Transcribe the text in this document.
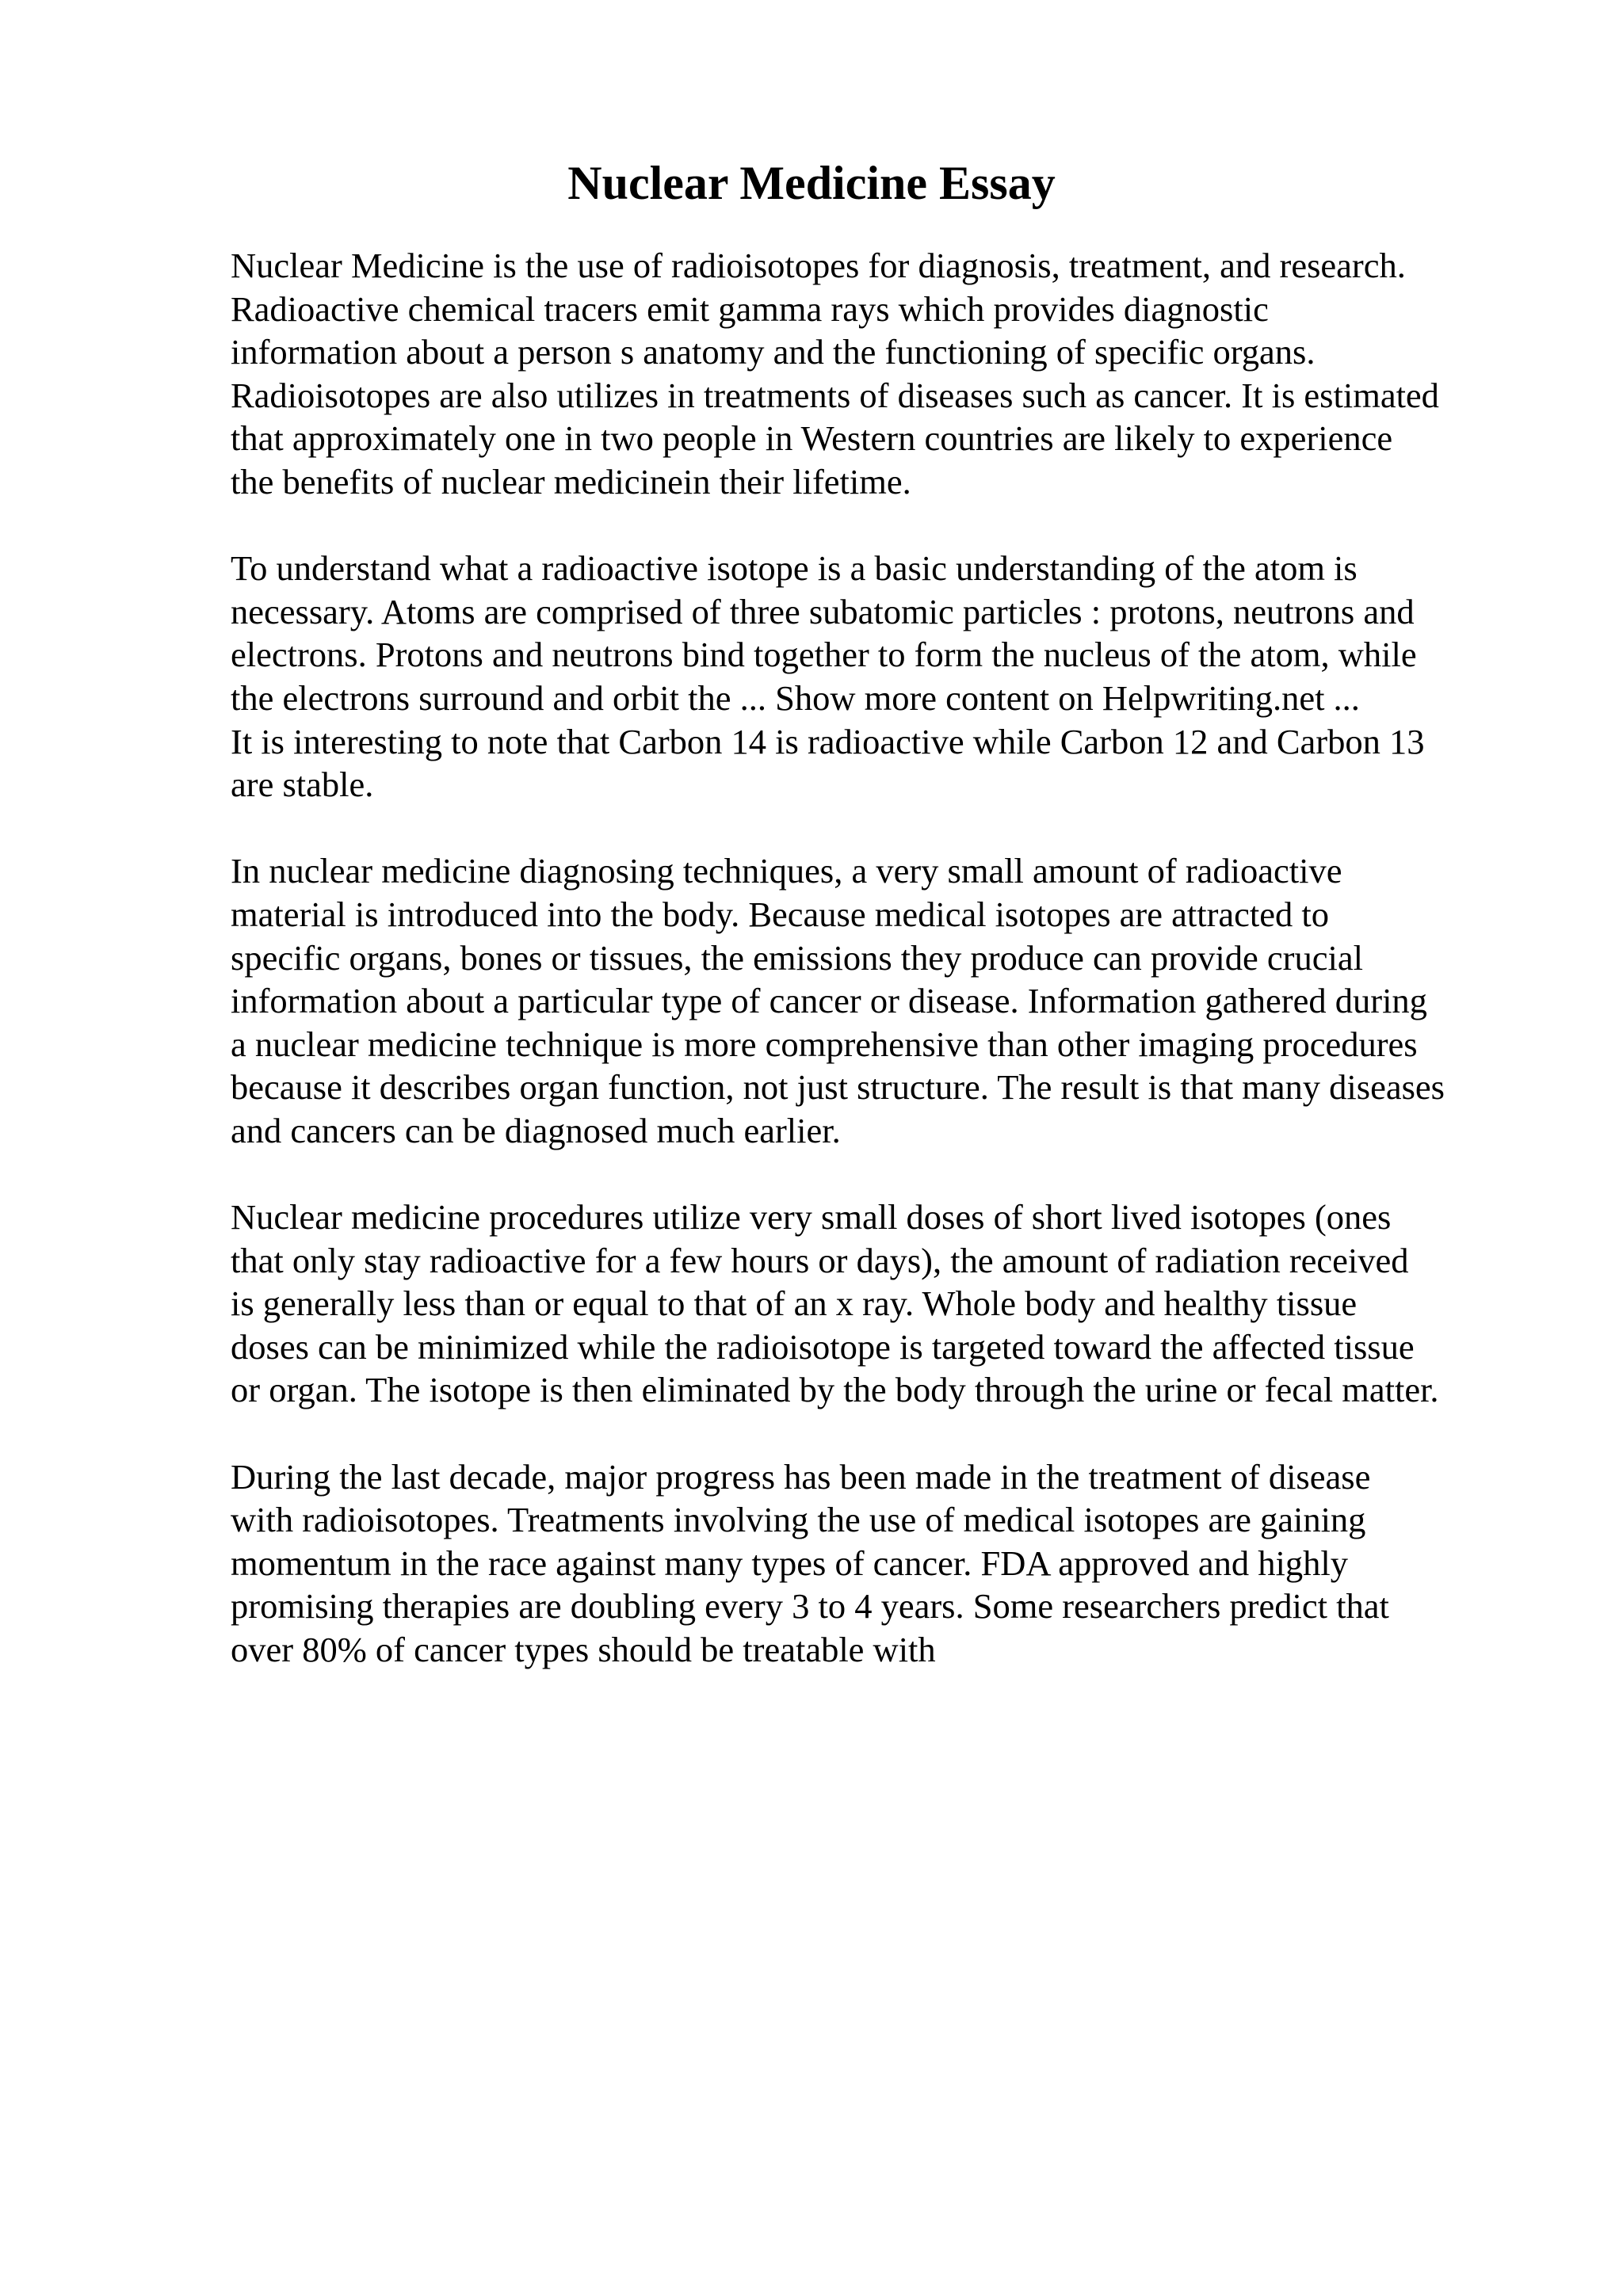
Nuclear Medicine Essay

Nuclear Medicine is the use of radioisotopes for diagnosis, treatment, and research.
Radioactive chemical tracers emit gamma rays which provides diagnostic
information about a person s anatomy and the functioning of specific organs.
Radioisotopes are also utilizes in treatments of diseases such as cancer. It is estimated
that approximately one in two people in Western countries are likely to experience
the benefits of nuclear medicinein their lifetime.

To understand what a radioactive isotope is a basic understanding of the atom is
necessary. Atoms are comprised of three subatomic particles : protons, neutrons and
electrons. Protons and neutrons bind together to form the nucleus of the atom, while
the electrons surround and orbit the ... Show more content on Helpwriting.net ...
It is interesting to note that Carbon 14 is radioactive while Carbon 12 and Carbon 13
are stable.

In nuclear medicine diagnosing techniques, a very small amount of radioactive
material is introduced into the body. Because medical isotopes are attracted to
specific organs, bones or tissues, the emissions they produce can provide crucial
information about a particular type of cancer or disease. Information gathered during
a nuclear medicine technique is more comprehensive than other imaging procedures
because it describes organ function, not just structure. The result is that many diseases
and cancers can be diagnosed much earlier.

Nuclear medicine procedures utilize very small doses of short lived isotopes (ones
that only stay radioactive for a few hours or days), the amount of radiation received
is generally less than or equal to that of an x ray. Whole body and healthy tissue
doses can be minimized while the radioisotope is targeted toward the affected tissue
or organ. The isotope is then eliminated by the body through the urine or fecal matter.

During the last decade, major progress has been made in the treatment of disease
with radioisotopes. Treatments involving the use of medical isotopes are gaining
momentum in the race against many types of cancer. FDA approved and highly
promising therapies are doubling every 3 to 4 years. Some researchers predict that
over 80% of cancer types should be treatable with
